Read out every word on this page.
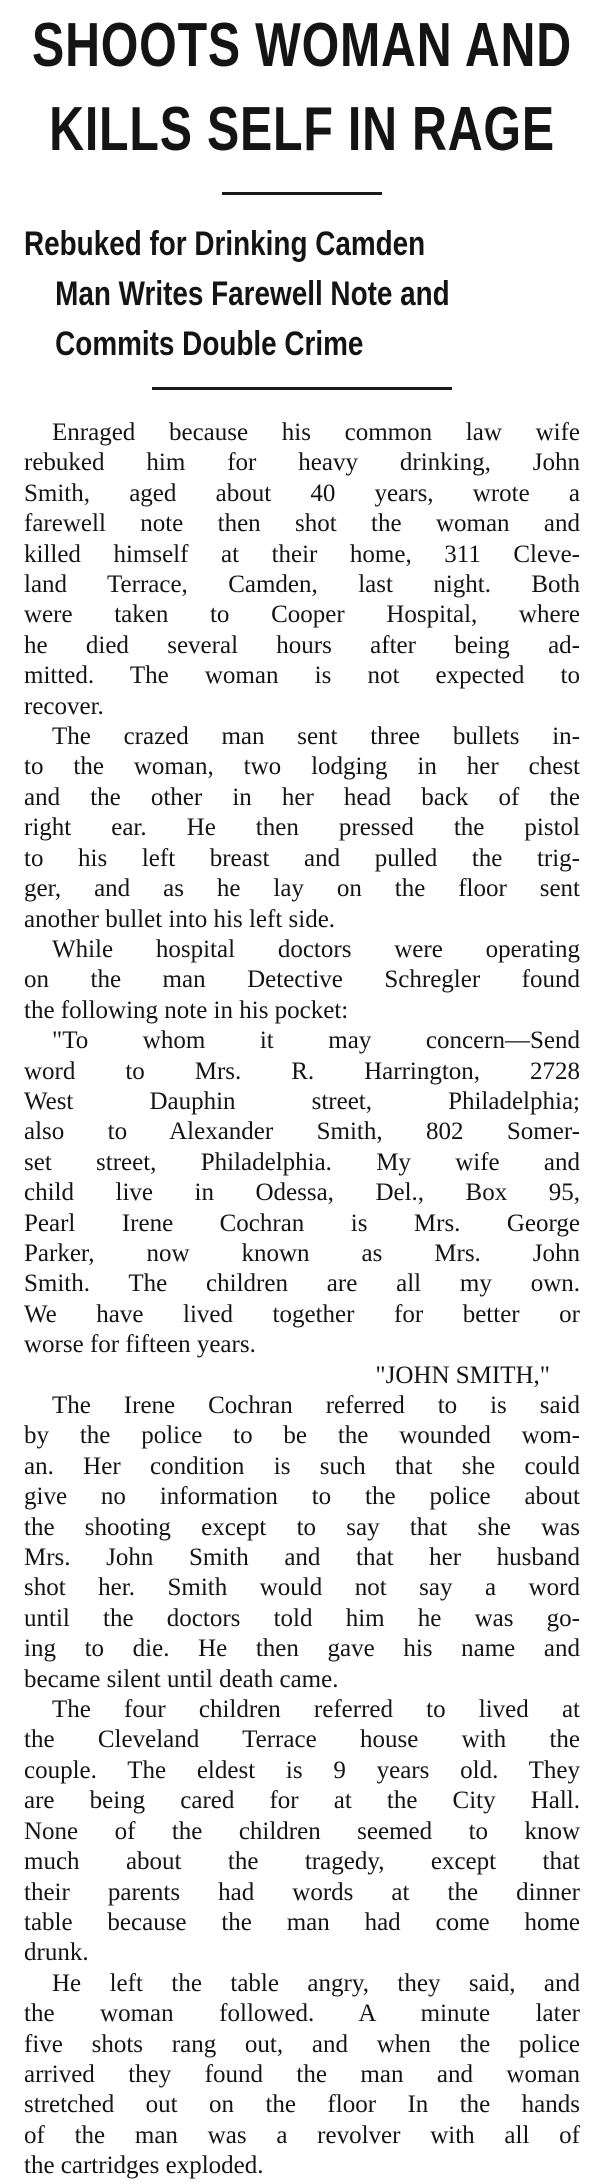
SHOOTS WOMAN AND
KILLS SELF IN RAGE
Rebuked for Drinking Camden
Man Writes Farewell Note and
Commits Double Crime
Enraged because his common law wife
rebuked him for heavy drinking, John
Smith, aged about 40 years, wrote a
farewell note then shot the woman and
killed himself at their home, 311 Cleve-
land Terrace, Camden, last night. Both
were taken to Cooper Hospital, where
he died several hours after being ad-
mitted. The woman is not expected to
recover.
The crazed man sent three bullets in-
to the woman, two lodging in her chest
and the other in her head back of the
right ear. He then pressed the pistol
to his left breast and pulled the trig-
ger, and as he lay on the floor sent
another bullet into his left side.
While hospital doctors were operating
on the man Detective Schregler found
the following note in his pocket:
"To whom it may concern—Send
word to Mrs. R. Harrington, 2728
West Dauphin street, Philadelphia;
also to Alexander Smith, 802 Somer-
set street, Philadelphia. My wife and
child live in Odessa, Del., Box 95,
Pearl Irene Cochran is Mrs. George
Parker, now known as Mrs. John
Smith. The children are all my own.
We have lived together for better or
worse for fifteen years.
"JOHN SMITH,"
The Irene Cochran referred to is said
by the police to be the wounded wom-
an. Her condition is such that she could
give no information to the police about
the shooting except to say that she was
Mrs. John Smith and that her husband
shot her. Smith would not say a word
until the doctors told him he was go-
ing to die. He then gave his name and
became silent until death came.
The four children referred to lived at
the Cleveland Terrace house with the
couple. The eldest is 9 years old. They
are being cared for at the City Hall.
None of the children seemed to know
much about the tragedy, except that
their parents had words at the dinner
table because the man had come home
drunk.
He left the table angry, they said, and
the woman followed. A minute later
five shots rang out, and when the police
arrived they found the man and woman
stretched out on the floor In the hands
of the man was a revolver with all of
the cartridges exploded.
